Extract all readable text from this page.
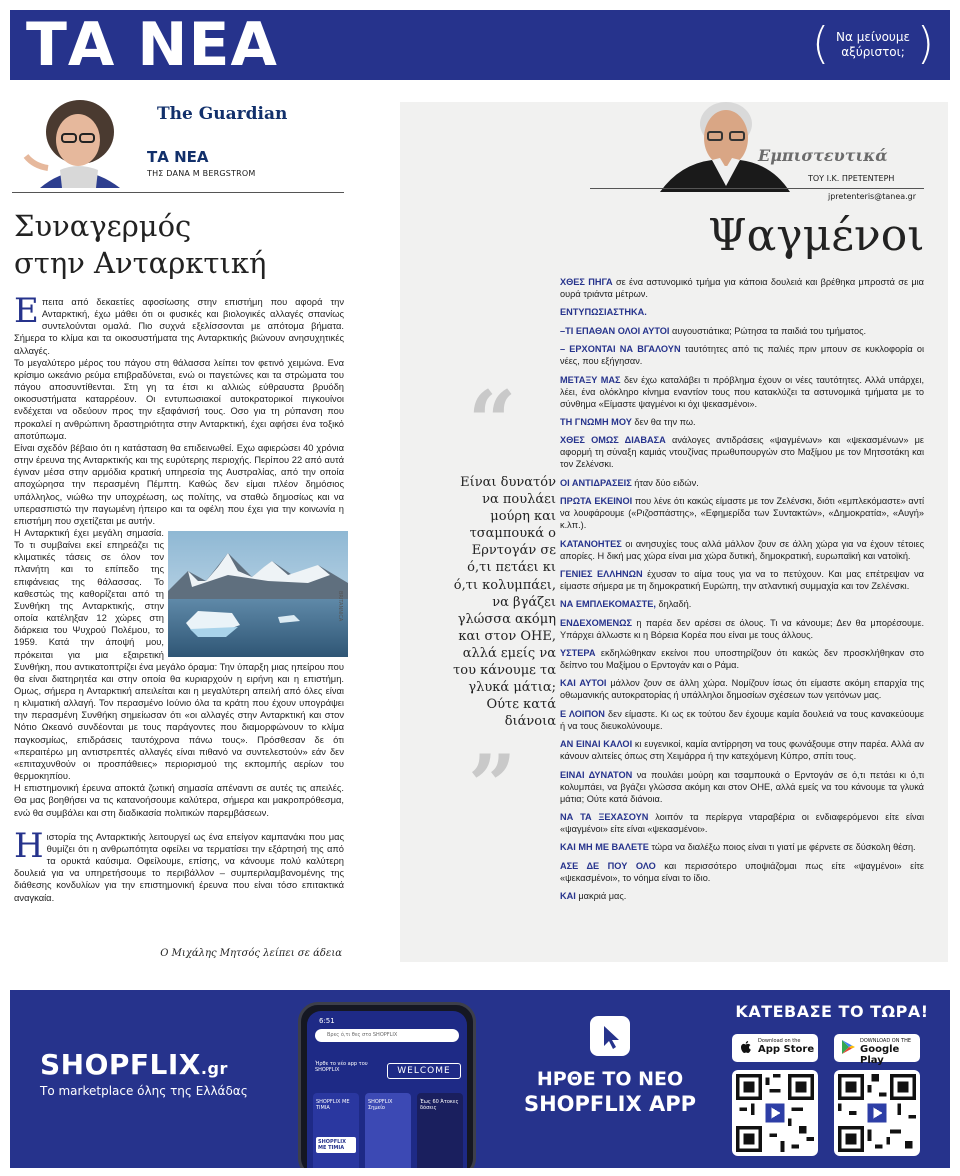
ΤΑ ΝΕΑ	( Να μείνουμε αξύριστοι; )
The Guardian
ΤΑ ΝΕΑ
ΤΗΣ DANA M BERGSTROM
Συναγερμός
στην Ανταρκτική

Επειτα από δεκαετίες αφοσίωσης στην επιστήμη που αφορά την Ανταρκτική, έχω μάθει ότι οι φυσικές και βιολογικές αλλαγές σπανίως συντελούνται ομαλά. Πιο συχνά εξελίσσονται με απότομα βήματα. Σήμερα το κλίμα και τα οικοσυστήματα της Ανταρκτικής βιώνουν ανησυχητικές αλλαγές.

Το μεγαλύτερο μέρος του πάγου στη θάλασσα λείπει τον φετινό χειμώνα. Ενα κρίσιμο ωκεάνιο ρεύμα επιβραδύνεται, ενώ οι παγετώνες και τα στρώματα του πάγου αποσυντίθενται. Στη γη τα έτσι κι αλλιώς εύθραυστα βρυόδη οικοσυστήματα καταρρέουν. Οι εντυπωσιακοί αυτοκρατορικοί πιγκουίνοι ενδέχεται να οδεύουν προς την εξαφάνισή τους. Οσο για τη ρύπανση που προκαλεί η ανθρώπινη δραστηριότητα στην Ανταρκτική, έχει αφήσει ένα τοξικό αποτύπωμα.

Είναι σχεδόν βέβαιο ότι η κατάσταση θα επιδεινωθεί. Εχω αφιερώσει 40 χρόνια στην έρευνα της Ανταρκτικής και της ευρύτερης περιοχής. Περίπου 22 από αυτά έγιναν μέσα στην αρμόδια κρατική υπηρεσία της Αυστραλίας, από την οποία αποχώρησα την περασμένη Πέμπτη. Καθώς δεν είμαι πλέον δημόσιος υπάλληλος, νιώθω την υποχρέωση, ως πολίτης, να σταθώ δημοσίως και να υπερασπιστώ την παγωμένη ήπειρο και τα οφέλη που έχει για την κοινωνία η επιστήμη που σχετίζεται με αυτήν.

BRITANNICA

Η Ανταρκτική έχει μεγάλη σημασία. Το τι συμβαίνει εκεί επηρεάζει τις κλιματικές τάσεις σε όλον τον πλανήτη και το επίπεδο της επιφάνειας της θάλασσας. Το καθεστώς της καθορίζεται από τη Συνθήκη της Ανταρκτικής, στην οποία κατέληξαν 12 χώρες στη διάρκεια του Ψυχρού Πολέμου, το 1959. Κατά την άποψή μου, πρόκειται για μια εξαιρετική Συνθήκη, που αντικατοπτρίζει ένα μεγάλο όραμα: Την ύπαρξη μιας ηπείρου που θα είναι διατηρητέα και στην οποία θα κυριαρχούν η ειρήνη και η επιστήμη. Ομως, σήμερα η Ανταρκτική απειλείται και η μεγαλύτερη απειλή από όλες είναι η κλιματική αλλαγή. Τον περασμένο Ιούνιο όλα τα κράτη που έχουν υπογράψει την περασμένη Συνθήκη σημείωσαν ότι «οι αλλαγές στην Ανταρκτική και στον Νότιο Ωκεανό συνδέονται με τους παράγοντες που διαμορφώνουν το κλίμα παγκοσμίως, επιδράσεις ταυτόχρονα πάνω τους». Πρόσθεσαν δε ότι «περαιτέρω μη αντιστρεπτές αλλαγές είναι πιθανό να συντελεστούν» εάν δεν «επιταχυνθούν οι προσπάθειες» περιορισμού της εκπομπής αερίων του θερμοκηπίου.

Η επιστημονική έρευνα αποκτά ζωτική σημασία απέναντι σε αυτές τις απειλές. Θα μας βοηθήσει να τις κατανοήσουμε καλύτερα, σήμερα και μακροπρόθεσμα, ενώ θα συμβάλει και στη διαδικασία πολιτικών παρεμβάσεων.

Η ιστορία της Ανταρκτικής λειτουργεί ως ένα επείγον καμπανάκι που μας θυμίζει ότι η ανθρωπότητα οφείλει να τερματίσει την εξάρτησή της από τα ορυκτά καύσιμα. Οφείλουμε, επίσης, να κάνουμε πολύ καλύτερη δουλειά για να υπηρετήσουμε το περιβάλλον – συμπεριλαμβανομένης της διάθεσης κονδυλίων για την επιστημονική έρευνα που είναι τόσο επιτακτικά αναγκαία.

Ο Μιχάλης Μητσός λείπει σε άδεια
Εμπιστευτικά
ΤΟΥ Ι.Κ. ΠΡΕΤΕΝΤΕΡΗ
jpretenteris@tanea.gr
Ψαγμένοι
“
Είναι δυνατόν να πουλάει μούρη και τσαμπουκά ο Ερντογάν σε ό,τι πετάει κι ό,τι κολυμπάει, να βγάζει γλώσσα ακόμη και στον ΟΗΕ, αλλά εμείς να του κάνουμε τα γλυκά μάτια; Ούτε κατά διάνοια
”

ΧΘΕΣ ΠΗΓΑ σε ένα αστυνομικό τμήμα για κάποια δουλειά και βρέθηκα μπροστά σε μια ουρά τριάντα μέτρων.

ΕΝΤΥΠΩΣΙΑΣΤΗΚΑ.

–ΤΙ ΕΠΑΘΑΝ ΟΛΟΙ ΑΥΤΟΙ αυγουστιάτικα; Ρώτησα τα παιδιά του τμήματος.

– ΕΡΧΟΝΤΑΙ ΝΑ ΒΓΑΛΟΥΝ ταυτότητες από τις παλιές πριν μπουν σε κυκλοφορία οι νέες, που εξήγησαν.

ΜΕΤΑΞΥ ΜΑΣ δεν έχω καταλάβει τι πρόβλημα έχουν οι νέες ταυτότητες. Αλλά υπάρχει, λέει, ένα ολόκληρο κίνημα εναντίον τους που κατακλύζει τα αστυνομικά τμήματα με το σύνθημα «Είμαστε ψαγμένοι κι όχι ψεκασμένοι».

ΤΗ ΓΝΩΜΗ ΜΟΥ δεν θα την πω.

ΧΘΕΣ ΟΜΩΣ ΔΙΑΒΑΣΑ ανάλογες αντιδράσεις «ψαγμένων» και «ψεκασμένων» με αφορμή τη σύναξη καμιάς ντουζίνας πρωθυπουργών στο Μαξίμου με τον Μητσοτάκη και τον Ζελένσκι.

ΟΙ ΑΝΤΙΔΡΑΣΕΙΣ ήταν δύο ειδών.

ΠΡΩΤΑ ΕΚΕΙΝΟΙ που λένε ότι κακώς είμαστε με τον Ζελένσκι, διότι «εμπλεκόμαστε» αντί να λουφάρουμε («Ριζοσπάστης», «Εφημερίδα των Συντακτών», «Δημοκρατία», «Αυγή» κ.λπ.).

ΚΑΤΑΝΟΗΤΕΣ οι ανησυχίες τους αλλά μάλλον ζουν σε άλλη χώρα για να έχουν τέτοιες απορίες. Η δική μας χώρα είναι μια χώρα δυτική, δημοκρατική, ευρωπαϊκή και νατοϊκή.

ΓΕΝΙΕΣ ΕΛΛΗΝΩΝ έχυσαν το αίμα τους για να το πετύχουν. Και μας επέτρεψαν να είμαστε σήμερα με τη δημοκρατική Ευρώπη, την ατλαντική συμμαχία και τον Ζελένσκι.

ΝΑ ΕΜΠΛΕΚΟΜΑΣΤΕ, δηλαδή.

ΕΝΔΕΧΟΜΕΝΩΣ η παρέα δεν αρέσει σε όλους. Τι να κάνουμε; Δεν θα μπορέσουμε. Υπάρχει άλλωστε κι η Βόρεια Κορέα που είναι με τους άλλους.

ΥΣΤΕΡΑ εκδηλώθηκαν εκείνοι που υποστηρίζουν ότι κακώς δεν προσκλήθηκαν στο δείπνο του Μαξίμου ο Ερντογάν και ο Ράμα.

ΚΑΙ ΑΥΤΟΙ μάλλον ζουν σε άλλη χώρα. Νομίζουν ίσως ότι είμαστε ακόμη επαρχία της οθωμανικής αυτοκρατορίας ή υπάλληλοι δημοσίων σχέσεων των γειτόνων μας.

Ε ΛΟΙΠΟΝ δεν είμαστε. Κι ως εκ τούτου δεν έχουμε καμία δουλειά να τους κανακεύουμε ή να τους διευκολύνουμε.

ΑΝ ΕΙΝΑΙ ΚΑΛΟΙ κι ευγενικοί, καμία αντίρρηση να τους φωνάξουμε στην παρέα. Αλλά αν κάνουν αλιτείες όπως στη Χειμάρρα ή την κατεχόμενη Κύπρο, σπίτι τους.

ΕΙΝΑΙ ΔΥΝΑΤΟΝ να πουλάει μούρη και τσαμπουκά ο Ερντογάν σε ό,τι πετάει κι ό,τι κολυμπάει, να βγάζει γλώσσα ακόμη και στον ΟΗΕ, αλλά εμείς να του κάνουμε τα γλυκά μάτια; Ούτε κατά διάνοια.

ΝΑ ΤΑ ΞΕΧΑΣΟΥΝ λοιπόν τα περίεργα νταραβέρια οι ενδιαφερόμενοι είτε είναι «ψαγμένοι» είτε είναι «ψεκασμένοι».

ΚΑΙ ΜΗ ΜΕ ΒΑΛΕΤΕ τώρα να διαλέξω ποιος είναι τι γιατί με φέρνετε σε δύσκολη θέση.

ΑΣΕ ΔΕ ΠΟΥ ΟΛΟ και περισσότερο υποψιάζομαι πως είτε «ψαγμένοι» είτε «ψεκασμένοι», το νόημα είναι το ίδιο.

ΚΑΙ μακριά μας.

SHOPFLIX.gr
Το marketplace όλης της Ελλάδας
6:51
Βρες ό,τι θες στο SHOPFLIX
Ήρθε το νέο app του SHOPFLIX	WELCOME
SHOPFLIX ΜΕ ΤΙΜΙΑ
SHOPFLIX ΜΕ ΤΙΜΙΑ
SHOPFLIX Σημείο
Έως 60 Άτοκες δόσεις
ΗΡΘΕ ΤΟ ΝΕΟ
SHOPFLIX APP
ΚΑΤΕΒΑΣΕ ΤΟ ΤΩΡΑ!
Download on the
App Store
DOWNLOAD ON THE
Google Play
